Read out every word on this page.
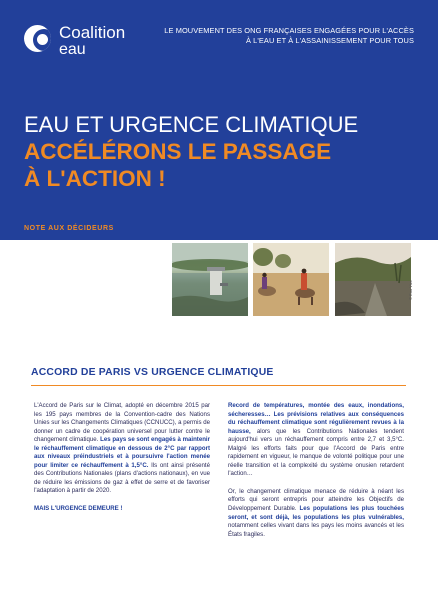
Coalition
eau
LE MOUVEMENT DES ONG FRANÇAISES ENGAGÉES POUR L'ACCÈS À L'EAU ET À L'ASSAINISSEMENT POUR TOUS
EAU ET URGENCE CLIMATIQUE
ACCÉLÉRONS LE PASSAGE
À L'ACTION !
NOTE AUX DÉCIDEURS
© Eau Vive
ACCORD DE PARIS VS URGENCE CLIMATIQUE

L'Accord de Paris sur le Climat, adopté en décembre 2015 par les 195 pays membres de la Convention-cadre des Nations Unies sur les Changements Climatiques (CCNUCC), a permis de donner un cadre de coopération universel pour lutter contre le changement climatique. Les pays se sont engagés à maintenir le réchauffement climatique en dessous de 2°C par rapport aux niveaux préindustriels et à poursuivre l'action menée pour limiter ce réchauffement à 1,5°C. Ils ont ainsi présenté des Contributions Nationales (plans d'actions nationaux), en vue de réduire les émissions de gaz à effet de serre et de favoriser l'adaptation à partir de 2020.

MAIS L'URGENCE DEMEURE !

Record de températures, montée des eaux, inondations, sécheresses… Les prévisions relatives aux conséquences du réchauffement climatique sont régulièrement revues à la hausse, alors que les Contributions Nationales tendent aujourd'hui vers un réchauffement compris entre 2,7 et 3,5°C. Malgré les efforts faits pour que l'Accord de Paris entre rapidement en vigueur, le manque de volonté politique pour une réelle transition et la complexité du système onusien retardent l'action…

Or, le changement climatique menace de réduire à néant les efforts qui seront entrepris pour atteindre les Objectifs de Développement Durable. Les populations les plus touchées seront, et sont déjà, les populations les plus vulnérables, notamment celles vivant dans les pays les moins avancés et les États fragiles.
